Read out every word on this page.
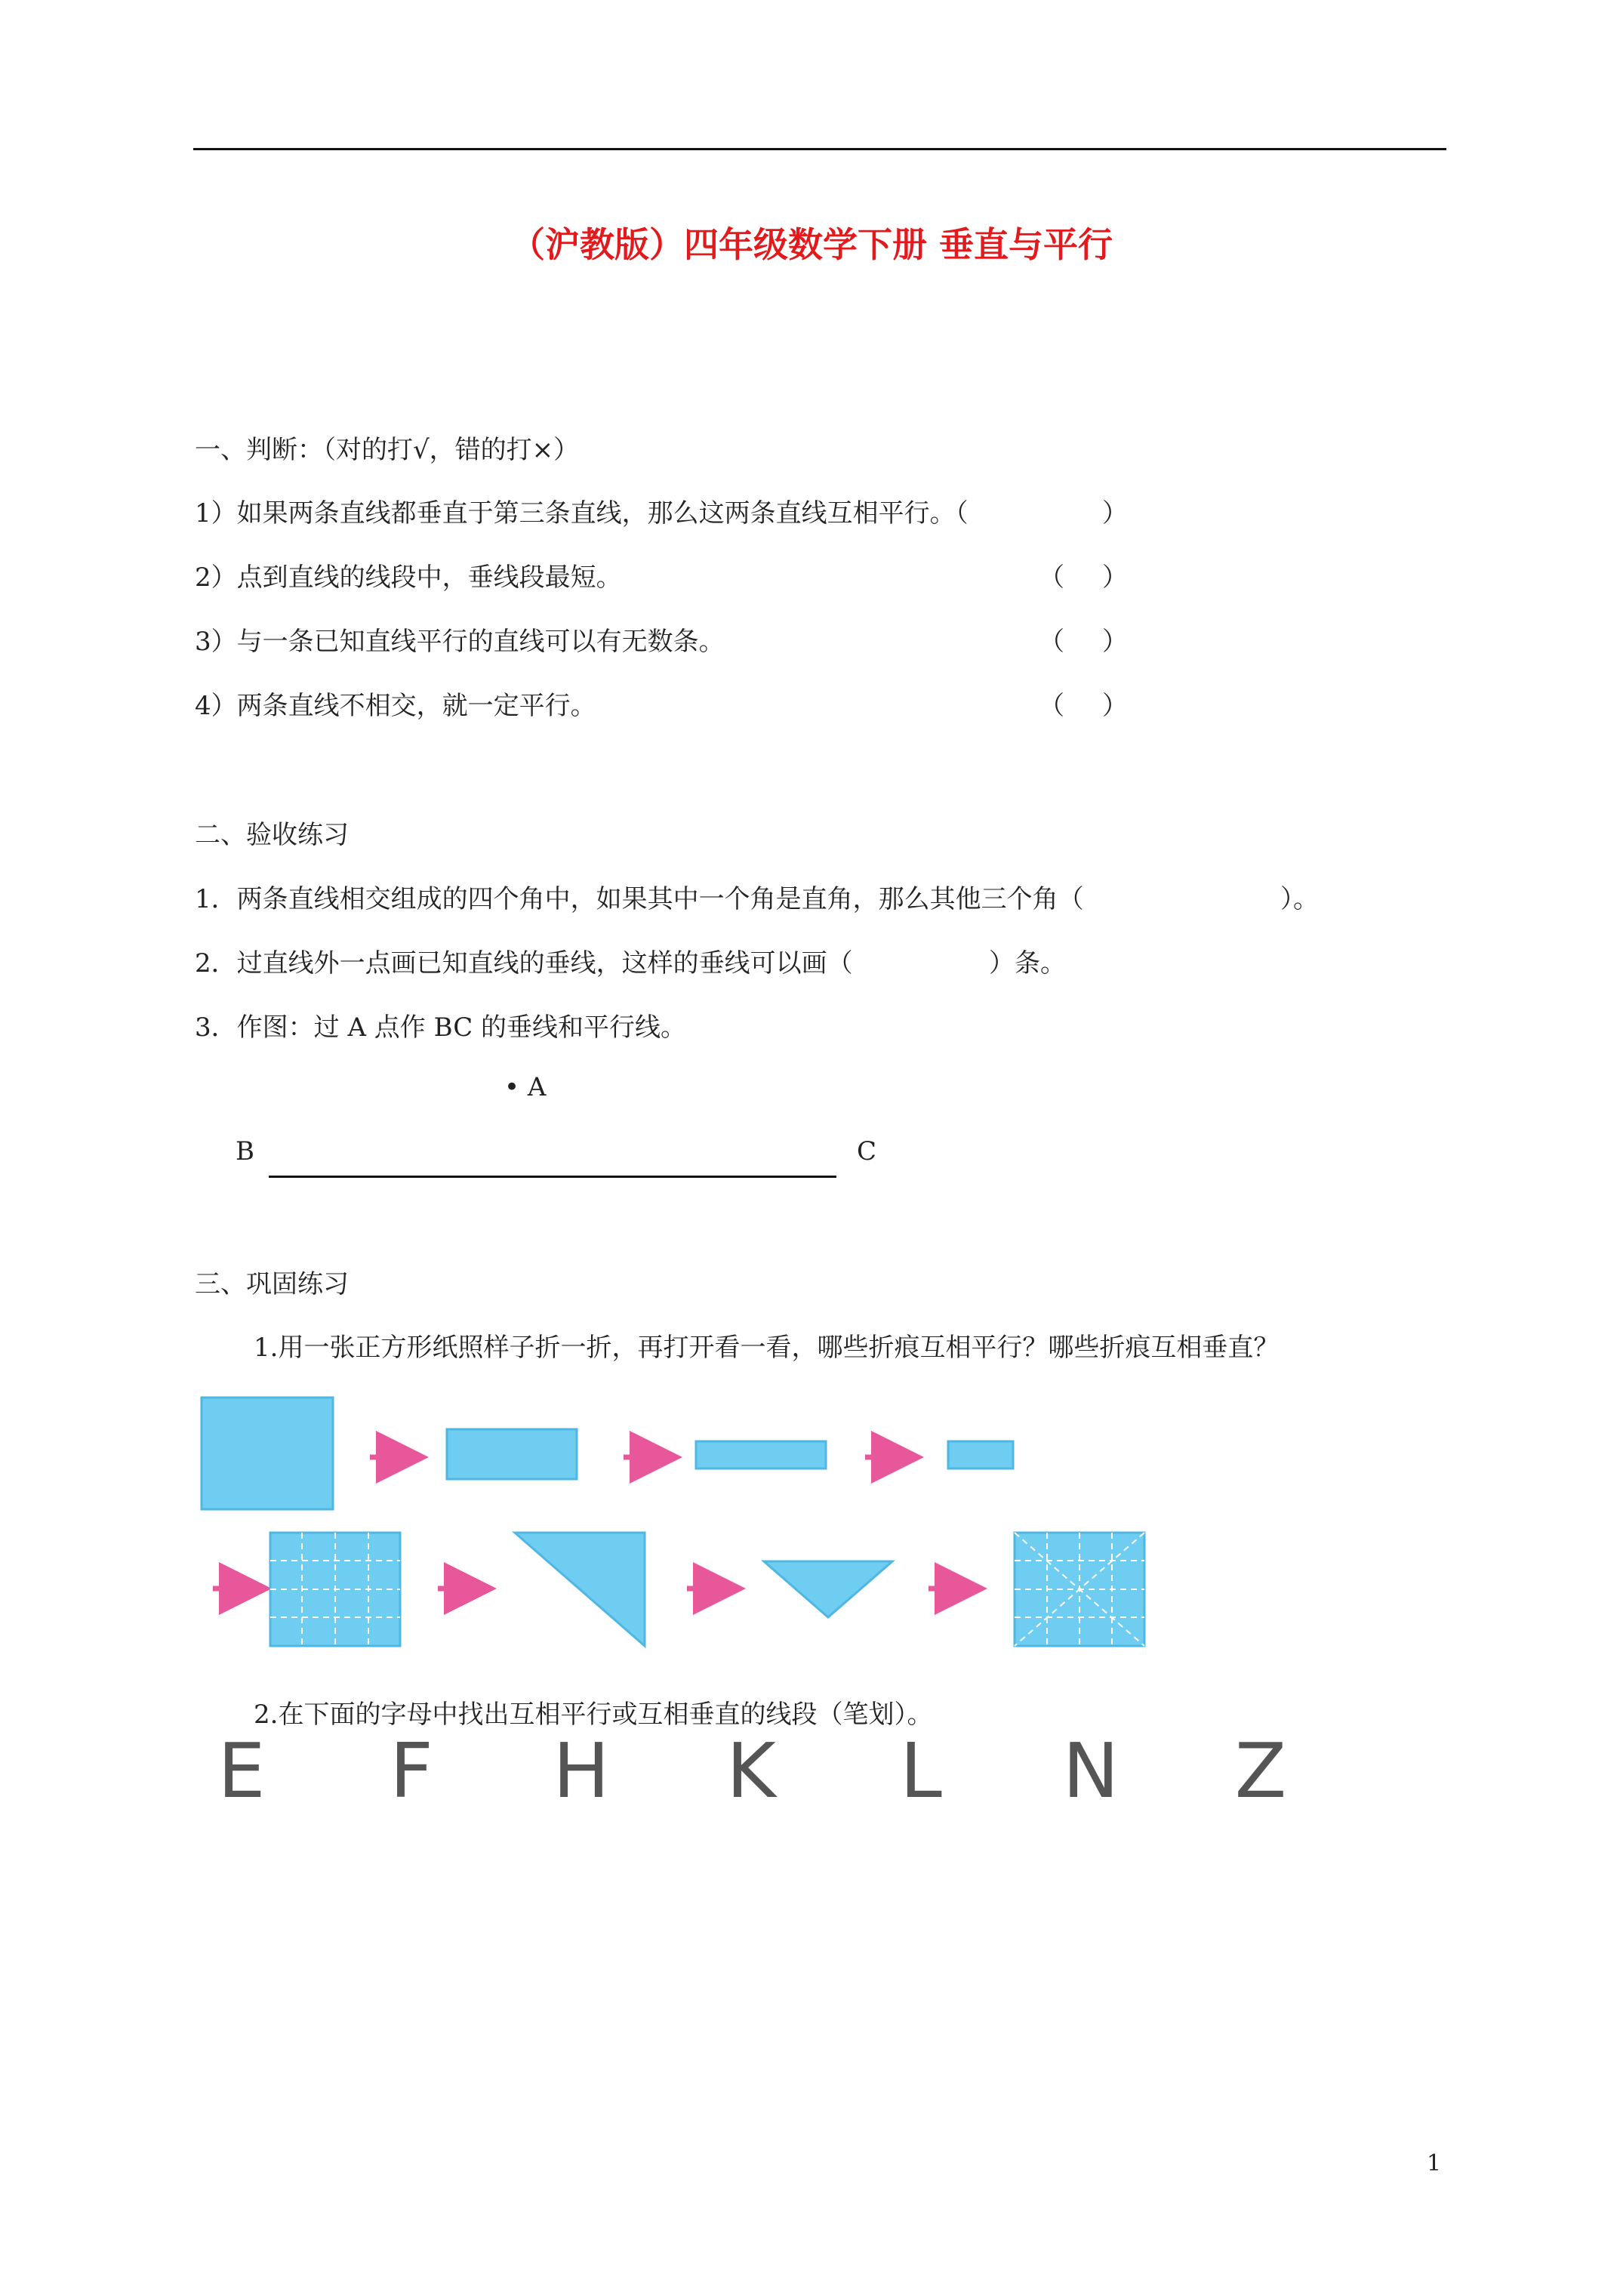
（沪教版）四年级数学下册 垂直与平行
一、判断：（对的打√，错的打×）
1）如果两条直线都垂直于第三条直线，那么这两条直线互相平行。（	）
2）点到直线的线段中，垂线段最短。	（ ）
3）与一条已知直线平行的直线可以有无数条。	（ ）
4）两条直线不相交，就一定平行。	（ ）
二、验收练习
1．两条直线相交组成的四个角中，如果其中一个角是直角，那么其他三个角（	）。
2．过直线外一点画已知直线的垂线，这样的垂线可以画（	）条。
3．作图：过 A 点作 BC 的垂线和平行线。
• A
B	C
三、巩固练习
1.用一张正方形纸照样子折一折，再打开看一看，哪些折痕互相平行？哪些折痕互相垂直？
2.在下面的字母中找出互相平行或互相垂直的线段（笔划）。
E F H K L N Z
1
